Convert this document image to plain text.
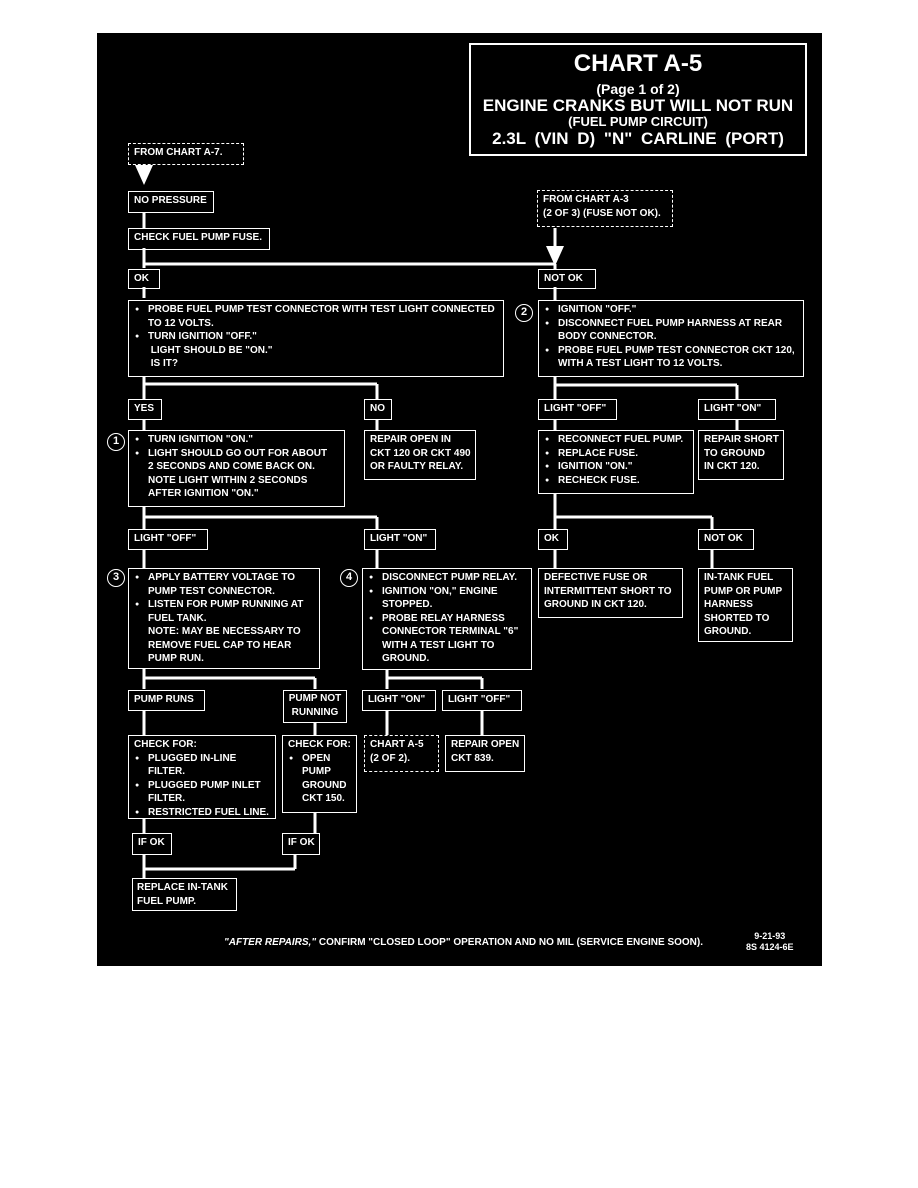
CHART A-5
(Page 1 of 2)
ENGINE CRANKS BUT WILL NOT RUN
(FUEL PUMP CIRCUIT)
2.3L (VIN D) "N" CARLINE (PORT)
FROM CHART A-7.
NO PRESSURE
CHECK FUEL PUMP FUSE.
FROM CHART A-3
(2 OF 3) (FUSE NOT OK).
OK	NOT OK
● PROBE FUEL PUMP TEST CONNECTOR WITH TEST LIGHT CONNECTED
TO 12 VOLTS.
● TURN IGNITION "OFF."
LIGHT SHOULD BE "ON."
IS IT?
2	● IGNITION "OFF."
● DISCONNECT FUEL PUMP HARNESS AT REAR
BODY CONNECTOR.
● PROBE FUEL PUMP TEST CONNECTOR CKT 120,
WITH A TEST LIGHT TO 12 VOLTS.
YES	NO	LIGHT "OFF"	LIGHT "ON"
1	● TURN IGNITION "ON."
● LIGHT SHOULD GO OUT FOR ABOUT
2 SECONDS AND COME BACK ON.
NOTE LIGHT WITHIN 2 SECONDS
AFTER IGNITION "ON."
REPAIR OPEN IN
CKT 120 OR CKT 490
OR FAULTY RELAY.
● RECONNECT FUEL PUMP.
● REPLACE FUSE.
● IGNITION "ON."
● RECHECK FUSE.
REPAIR SHORT
TO GROUND
IN CKT 120.
LIGHT "OFF"	LIGHT "ON"	OK	NOT OK
3	● APPLY BATTERY VOLTAGE TO
PUMP TEST CONNECTOR.
● LISTEN FOR PUMP RUNNING AT
FUEL TANK.
NOTE: MAY BE NECESSARY TO
REMOVE FUEL CAP TO HEAR
PUMP RUN.
4	● DISCONNECT PUMP RELAY.
● IGNITION "ON," ENGINE
STOPPED.
● PROBE RELAY HARNESS
CONNECTOR TERMINAL "6"
WITH A TEST LIGHT TO
GROUND.
DEFECTIVE FUSE OR
INTERMITTENT SHORT TO
GROUND IN CKT 120.
IN-TANK FUEL
PUMP OR PUMP
HARNESS
SHORTED TO
GROUND.
PUMP RUNS	PUMP NOT
RUNNING
LIGHT "ON"	LIGHT "OFF"
CHECK FOR:
● PLUGGED IN-LINE
FILTER.
● PLUGGED PUMP INLET
FILTER.
● RESTRICTED FUEL LINE.
CHECK FOR:
● OPEN
PUMP
GROUND
CKT 150.
CHART A-5
(2 OF 2).
REPAIR OPEN
CKT 839.
IF OK	IF OK
REPLACE IN-TANK
FUEL PUMP.
"AFTER REPAIRS," CONFIRM "CLOSED LOOP" OPERATION AND NO MIL (SERVICE ENGINE SOON).
9-21-93
8S 4124-6E
